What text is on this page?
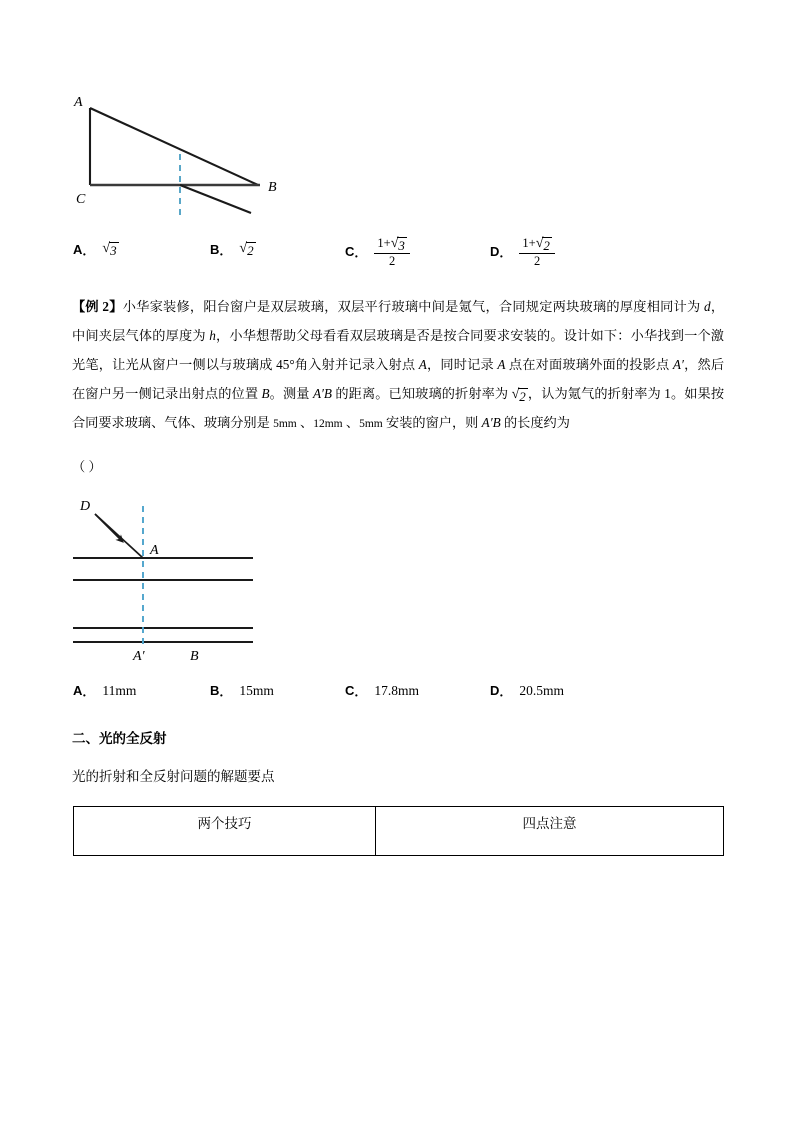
A
B
C
A ． √ 3	B ． √ 2	C ． $\frac{1+ √ 3}{2}$	D ． $\frac{1+ √ 2}{2}$
【例 2】小华家装修，阳台窗户是双层玻璃，双层平行玻璃中间是氪气，合同规定两块玻璃的厚度相同计为 d，中间夹层气体的厚度为 h，小华想帮助父母看看双层玻璃是否是按合同要求安装的。设计如下：小华找到一个激光笔，让光从窗户一侧以与玻璃成 45°角入射并记录入射点 A，同时记录 A 点在对面玻璃外面的投影点 A′，然后在窗户另一侧记录出射点的位置 B。测量 A′B 的距离。已知玻璃的折射率为 √ 2 ，认为氪气的折射率为 1。如果按合同要求玻璃、气体、玻璃分别是 5mm 、12mm 、5mm 安装的窗户，则 A′B 的长度约为
（ ）
D
A
A′	B
A ． 11mm	B ． 15mm	C ． 17.8mm	D ． 20.5mm
二、光的全反射
光的折射和全反射问题的解题要点
两个技巧	四点注意
